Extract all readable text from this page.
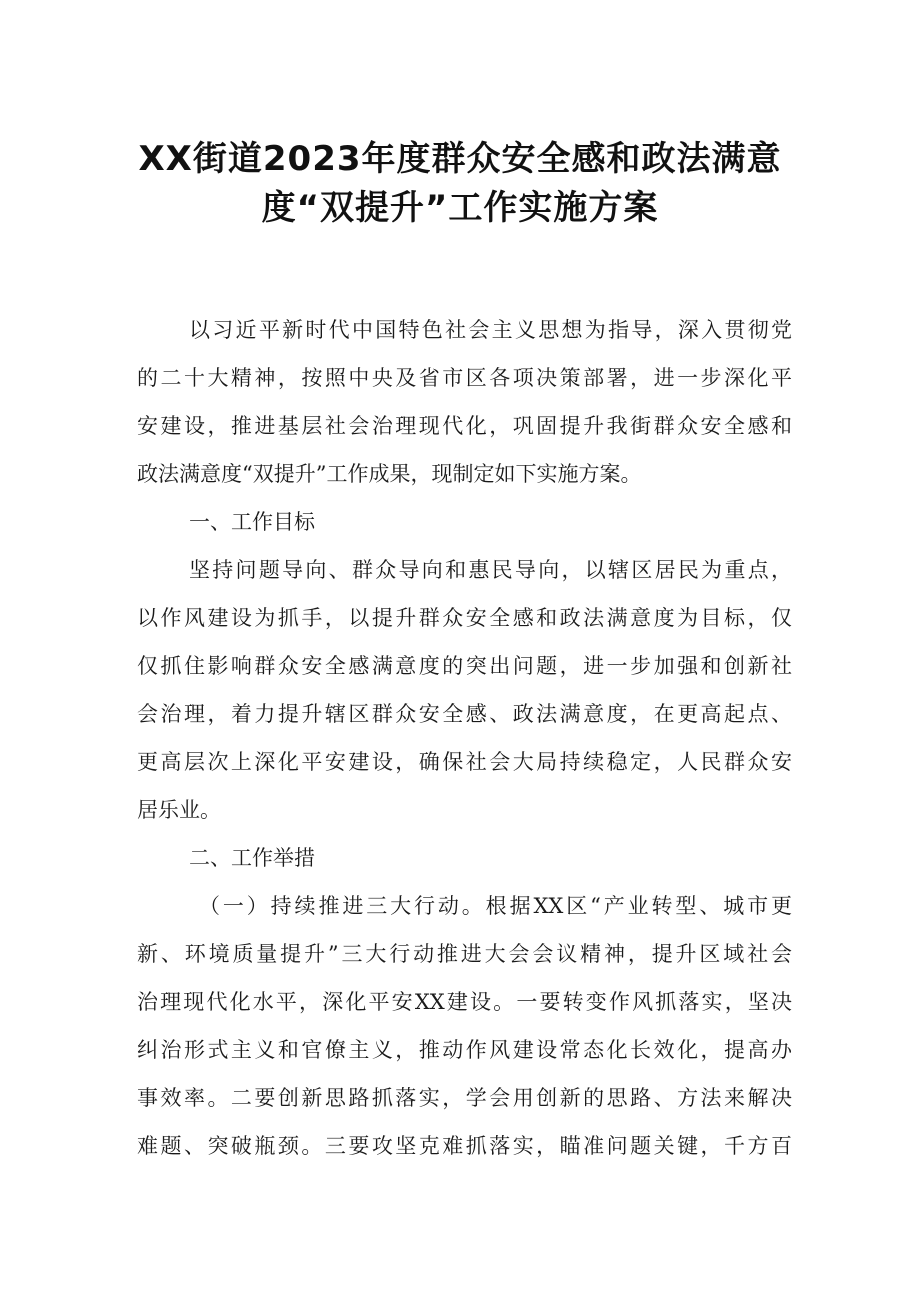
XX街道2023年度群众安全感和政法满意
度“双提升”工作实施方案
以习近平新时代中国特色社会主义思想为指导，深入贯彻党
的二十大精神，按照中央及省市区各项决策部署，进一步深化平
安建设，推进基层社会治理现代化，巩固提升我街群众安全感和
政法满意度“双提升”工作成果，现制定如下实施方案。
一、工作目标
坚持问题导向、群众导向和惠民导向，以辖区居民为重点，
以作风建设为抓手，以提升群众安全感和政法满意度为目标，仅
仅抓住影响群众安全感满意度的突出问题，进一步加强和创新社
会治理，着力提升辖区群众安全感、政法满意度，在更高起点、
更高层次上深化平安建设，确保社会大局持续稳定，人民群众安
居乐业。
二、工作举措
（一）持续推进三大行动。根据XX区“产业转型、城市更
新、环境质量提升”三大行动推进大会会议精神，提升区域社会
治理现代化水平，深化平安XX建设。一要转变作风抓落实，坚决
纠治形式主义和官僚主义，推动作风建设常态化长效化，提高办
事效率。二要创新思路抓落实，学会用创新的思路、方法来解决
难题、突破瓶颈。三要攻坚克难抓落实，瞄准问题关键，千方百
